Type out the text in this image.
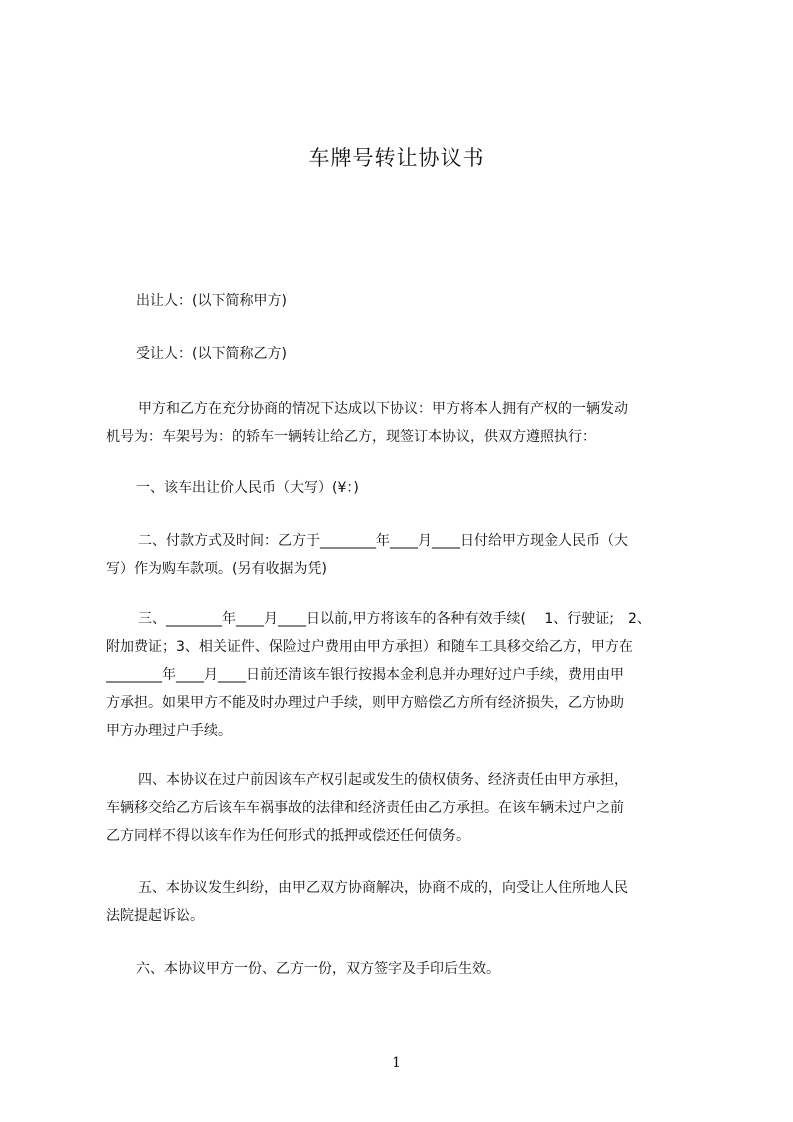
车牌号转让协议书
出让人：(以下简称甲方)
受让人：(以下简称乙方)
甲方和乙方在充分协商的情况下达成以下协议：甲方将本人拥有产权的一辆发动
机号为：车架号为：的轿车一辆转让给乙方，现签订本协议，供双方遵照执行：
一、该车出让价人民币（大写）(¥：)
二、付款方式及时间：乙方于________年____月____日付给甲方现金人民币（大
写）作为购车款项。(另有收据为凭)
三、________年____月____日以前,甲方将该车的各种有效手续(　 1、行驶证;　2、
附加费证；3、相关证件、保险过户费用由甲方承担）和随车工具移交给乙方，甲方在
________年____月____日前还清该车银行按揭本金利息并办理好过户手续，费用由甲
方承担。如果甲方不能及时办理过户手续，则甲方赔偿乙方所有经济损失，乙方协助
甲方办理过户手续。
四、本协议在过户前因该车产权引起或发生的债权债务、经济责任由甲方承担，
车辆移交给乙方后该车车祸事故的法律和经济责任由乙方承担。在该车辆未过户之前
乙方同样不得以该车作为任何形式的抵押或偿还任何债务。
五、本协议发生纠纷，由甲乙双方协商解决，协商不成的，向受让人住所地人民
法院提起诉讼。
六、本协议甲方一份、乙方一份，双方签字及手印后生效。
1
